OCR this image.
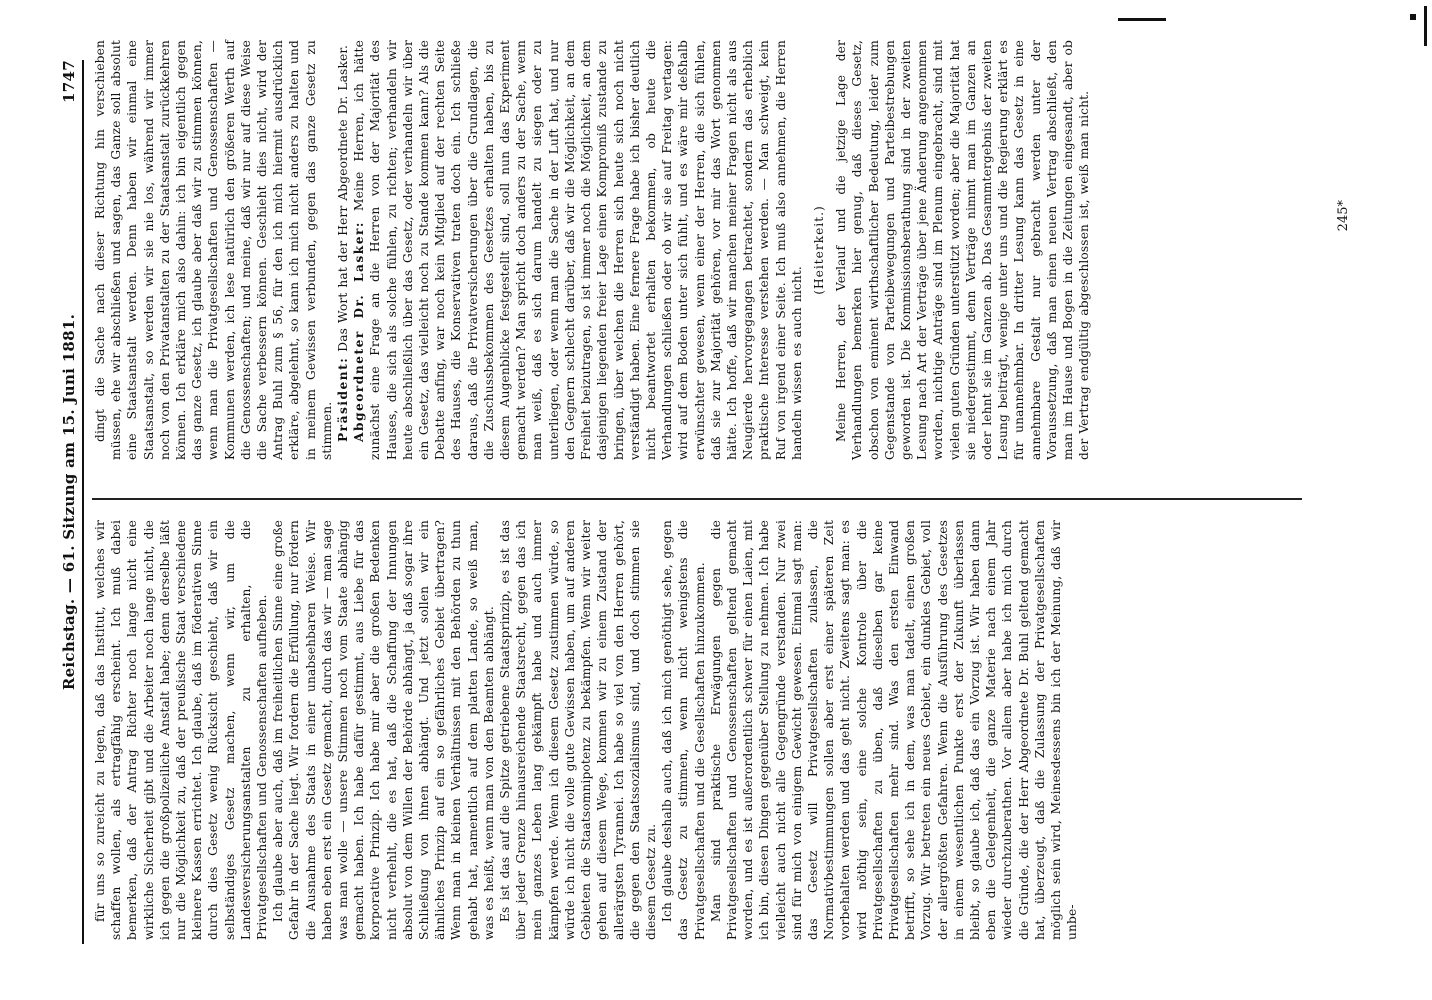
Reichstag. — 61. Sitzung am 15. Juni 1881.
1747

für uns so zureicht zu legen, daß das Institut, welches wir schaffen wollen, als ertragfähig erscheint. Ich muß dabei bemerken, daß der Antrag Richter noch lange nicht eine wirkliche Sicherheit gibt und die Arbeiter noch lange nicht, die ich gegen die großpolizeiliche Anstalt habe; denn derselbe läßt nur die Möglichkeit zu, daß der preußische Staat verschiedene kleinere Kassen errichtet. Ich glaube, daß im föderativen Sinne durch dies Gesetz wenig Rücksicht geschieht, daß wir ein selbständiges Gesetz machen, wenn wir, um die Landesversicherungsanstalten zu erhalten, die Privatgesellschaften und Genossenschaften aufheben. Ich glaube aber auch, daß im freiheitlichen Sinne eine große Gefahr in der Sache liegt. Wir fordern die Erfüllung, nur fördern die Ausnahme des Staats in einer unabsehbaren Weise. Wir haben eben erst ein Gesetz gemacht, durch das wir — man sage was man wolle — unsere Stimmen noch vom Staate abhängig gemacht haben. Ich habe dafür gestimmt, aus Liebe für das korporative Prinzip. Ich habe mir aber die großen Bedenken nicht verhehlt, die es hat, daß die Schaffung der Innungen absolut von dem Willen der Behörde abhängt, ja daß sogar ihre Schließung von ihnen abhängt. Und jetzt sollen wir ein ähnliches Prinzip auf ein so gefährliches Gebiet übertragen? Wenn man in kleinen Verhältnissen mit den Behörden zu thun gehabt hat, namentlich auf dem platten Lande, so weiß man, was es heißt, wenn man von den Beamten abhängt. Es ist das auf die Spitze getriebene Staatsprinzip, es ist das über jeder Grenze hinausreichende Staatsrecht, gegen das ich mein ganzes Leben lang gekämpft habe und auch immer kämpfen werde. Wenn ich diesem Gesetz zustimmen würde, so würde ich nicht die volle gute Gewissen haben, um auf anderen Gebieten die Staatsomnipotenz zu bekämpfen. Wenn wir weiter gehen auf diesem Wege, kommen wir zu einem Zustand der allerärgsten Tyrannei. Ich habe so viel von den Herren gehört, die gegen den Staatssozialismus sind, und doch stimmen sie diesem Gesetz zu. Ich glaube deshalb auch, daß ich mich genöthigt sehe, gegen das Gesetz zu stimmen, wenn nicht wenigstens die Privatgesellschaften und die Gesellschaften hinzukommen. Man sind praktische Erwägungen gegen die Privatgesellschaften und Genossenschaften geltend gemacht worden, und es ist außerordentlich schwer für einen Laien, mit ich bin, diesen Dingen gegenüber Stellung zu nehmen. Ich habe vielleicht auch nicht alle Gegengründe verstanden. Nur zwei sind für mich von einigem Gewicht gewesen. Einmal sagt man: das Gesetz will Privatgesellschaften zulassen, die Normativbestimmungen sollen aber erst einer späteren Zeit vorbehalten werden und das geht nicht. Zweitens sagt man: es wird nöthig sein, eine solche Kontrole über die Privatgesellschaften zu üben, daß dieselben gar keine Privatgesellschaften mehr sind. Was den ersten Einwand betrifft, so sehe ich in dem, was man tadelt, einen großen Vorzug. Wir betreten ein neues Gebiet, ein dunkles Gebiet, voll der allergrößten Gefahren. Wenn die Ausführung des Gesetzes in einem wesentlichen Punkte erst der Zukunft überlassen bleibt, so glaube ich, daß das ein Vorzug ist. Wir haben dann eben die Gelegenheit, die ganze Materie nach einem Jahr wieder durchzuberathen. Vor allem aber habe ich mich durch die Gründe, die der Herr Abgeordnete Dr. Buhl geltend gemacht hat, überzeugt, daß die Zulassung der Privatgesellschaften möglich sein wird, Meinesdessens bin ich der Meinung, daß wir unbe-

dingt die Sache nach dieser Richtung hin verschieben müssen, ehe wir abschließen und sagen, das Ganze soll absolut eine Staatsanstalt werden. Denn haben wir einmal eine Staatsanstalt, so werden wir sie nie los, während wir immer noch von den Privatanstalten zu der Staatsanstalt zurückkehren können. Ich erkläre mich also dahin: ich bin eigentlich gegen das ganze Gesetz, ich glaube aber daß wir zu stimmen können, wenn man die Privatgesellschaften und Genossenschaften — Kommunen werden, ich lese natürlich den größeren Werth auf die Genossenschaften; und meine, daß wir nur auf diese Weise die Sache verbessern können. Geschieht dies nicht, wird der Antrag Buhl zum § 56, für den ich mich hiermit ausdrücklich erkläre, abgelehnt, so kann ich mich nicht anders zu halten und in meinem Gewissen verbunden, gegen das ganze Gesetz zu stimmen. Präsident: Das Wort hat der Herr Abgeordnete Dr. Lasker. Abgeordneter Dr. Lasker: Meine Herren, ich hätte zunächst eine Frage an die Herren von der Majorität des Hauses, die sich als solche fühlen, zu richten; verhandeln wir heute abschließlich über das Gesetz, oder verhandeln wir über ein Gesetz, das vielleicht noch zu Stande kommen kann? Als die Debatte anfing, war noch kein Mitglied auf der rechten Seite des Hauses, die Konservativen traten doch ein. Ich schließe daraus, daß die Privatversicherungen über die Grundlagen, die die Zuschussbekommen des Gesetzes erhalten haben, bis zu diesem Augenblicke festgestellt sind, soll nun das Experiment gemacht werden? Man spricht doch anders zu der Sache, wenn man weiß, daß es sich darum handelt zu siegen oder zu unterliegen, oder wenn man die Sache in der Luft hat, und nur den Gegnern schlecht darüber, daß wir die Möglichkeit, an dem Freiheit beizutragen, so ist immer noch die Möglichkeit, an dem dasjenigen liegenden freier Lage einen Kompromiß zustande zu bringen, über welchen die Herren sich heute sich noch nicht verständigt haben. Eine fernere Frage habe ich bisher deutlich nicht beantwortet erhalten bekommen, ob heute die Verhandlungen schließen oder ob wir sie auf Freitag vertagen: wird auf dem Boden unter sich fühlt, und es wäre mir deßhalb erwünschter gewesen, wenn einer der Herren, die sich fühlen, daß sie zur Majorität gehören, vor mir das Wort genommen hätte. Ich hoffe, daß wir manchen meiner Fragen nicht als aus Neugierde hervorgegangen betrachtet, sondern das erheblich praktische Interesse verstehen werden. — Man schweigt, kein Ruf von irgend einer Seite. Ich muß also annehmen, die Herren handeln wissen es auch nicht.

(Heiterkeit.) Meine Herren, der Verlauf und die jetzige Lage der Verhandlungen bemerken hier genug, daß dieses Gesetz, obschon von eminent wirthschaftlicher Bedeutung, leider zum Gegenstande von Parteibewegungen und Parteibestrebungen geworden ist. Die Kommissionsberathung sind in der zweiten Lesung nach Art der Verträge über jene Änderung angenommen worden, nichtige Anträge sind im Plenum eingebracht, sind mit vielen guten Gründen unterstützt worden; aber die Majorität hat sie niedergestimmt, denn Verträge nimmt man im Ganzen an oder lehnt sie im Ganzen ab. Das Gesammtergebnis der zweiten Lesung beiträgt, wenige unter uns und die Regierung erklärt es für unannehmbar. In dritter Lesung kann das Gesetz in eine annehmbare Gestalt nur gebracht werden unter der Voraussetzung, daß man einen neuen Vertrag abschließt, den man im Hause und Bogen in die Zeitungen eingesandt, aber ob der Vertrag endgültig abgeschlossen ist, weiß man nicht.	245*
